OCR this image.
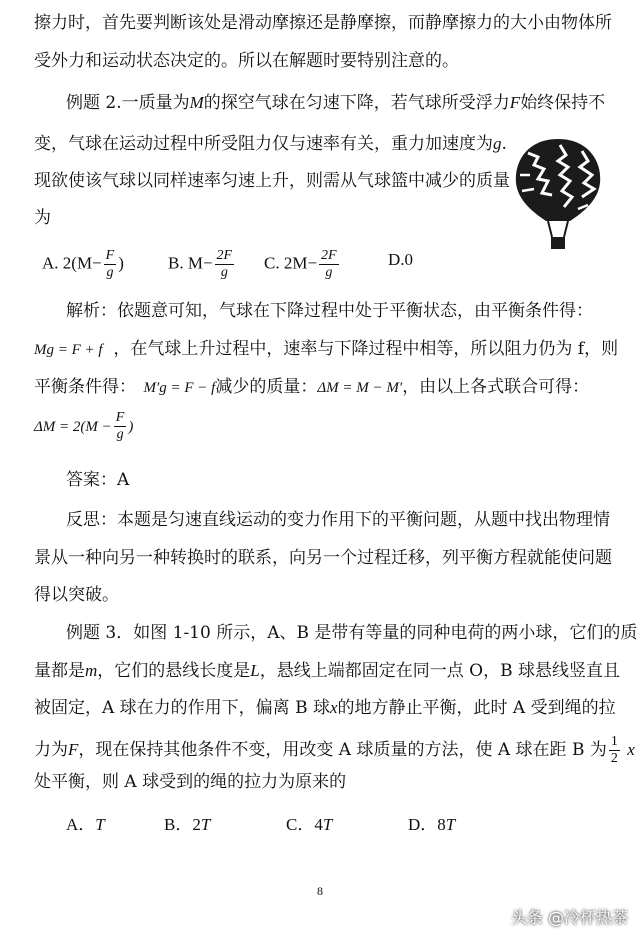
擦力时，首先要判断该处是滑动摩擦还是静摩擦，而静摩擦力的大小由物体所
受外力和运动状态决定的。所以在解题时要特别注意的。
例题 2.一质量为M的探空气球在匀速下降，若气球所受浮力F始终保持不
变，气球在运动过程中所受阻力仅与速率有关，重力加速度为g.
现欲使该气球以同样速率匀速上升，则需从气球篮中减少的质量
为
A. $2(M- \frac{F}{g}$ )	B. $M- \frac{2F}{g} C$. $2M- \frac{2F}{g}$	D.0
解析：依题意可知，气球在下降过程中处于平衡状态，由平衡条件得：
Mg = F + f ，在气球上升过程中，速率与下降过程中相等，所以阻力仍为 f，则
平衡条件得： M′g = F − f减少的质量：ΔM = M − M′，由以上各式联合可得：
$\Delta M = 2(M - \frac{F}{g}$ )
答案：A
反思：本题是匀速直线运动的变力作用下的平衡问题，从题中找出物理情
景从一种向另一种转换时的联系，向另一个过程迁移，列平衡方程就能使问题
得以突破。
例题 3．如图 1-10 所示，A、B 是带有等量的同种电荷的两小球，它们的质
量都是m，它们的悬线长度是L，悬线上端都固定在同一点 O，B 球悬线竖直且
被固定，A 球在力的作用下，偏离 B 球x的地方静止平衡，此时 A 受到绳的拉
力为F，现在保持其他条件不变，用改变 A 球质量的方法，使 A 球在距 B 为 $\frac{1}{2}$ x
处平衡，则 A 球受到的绳的拉力为原来的
A．T	B．2T	C．4T	D．8T
8
头条 @冷杯热茶
